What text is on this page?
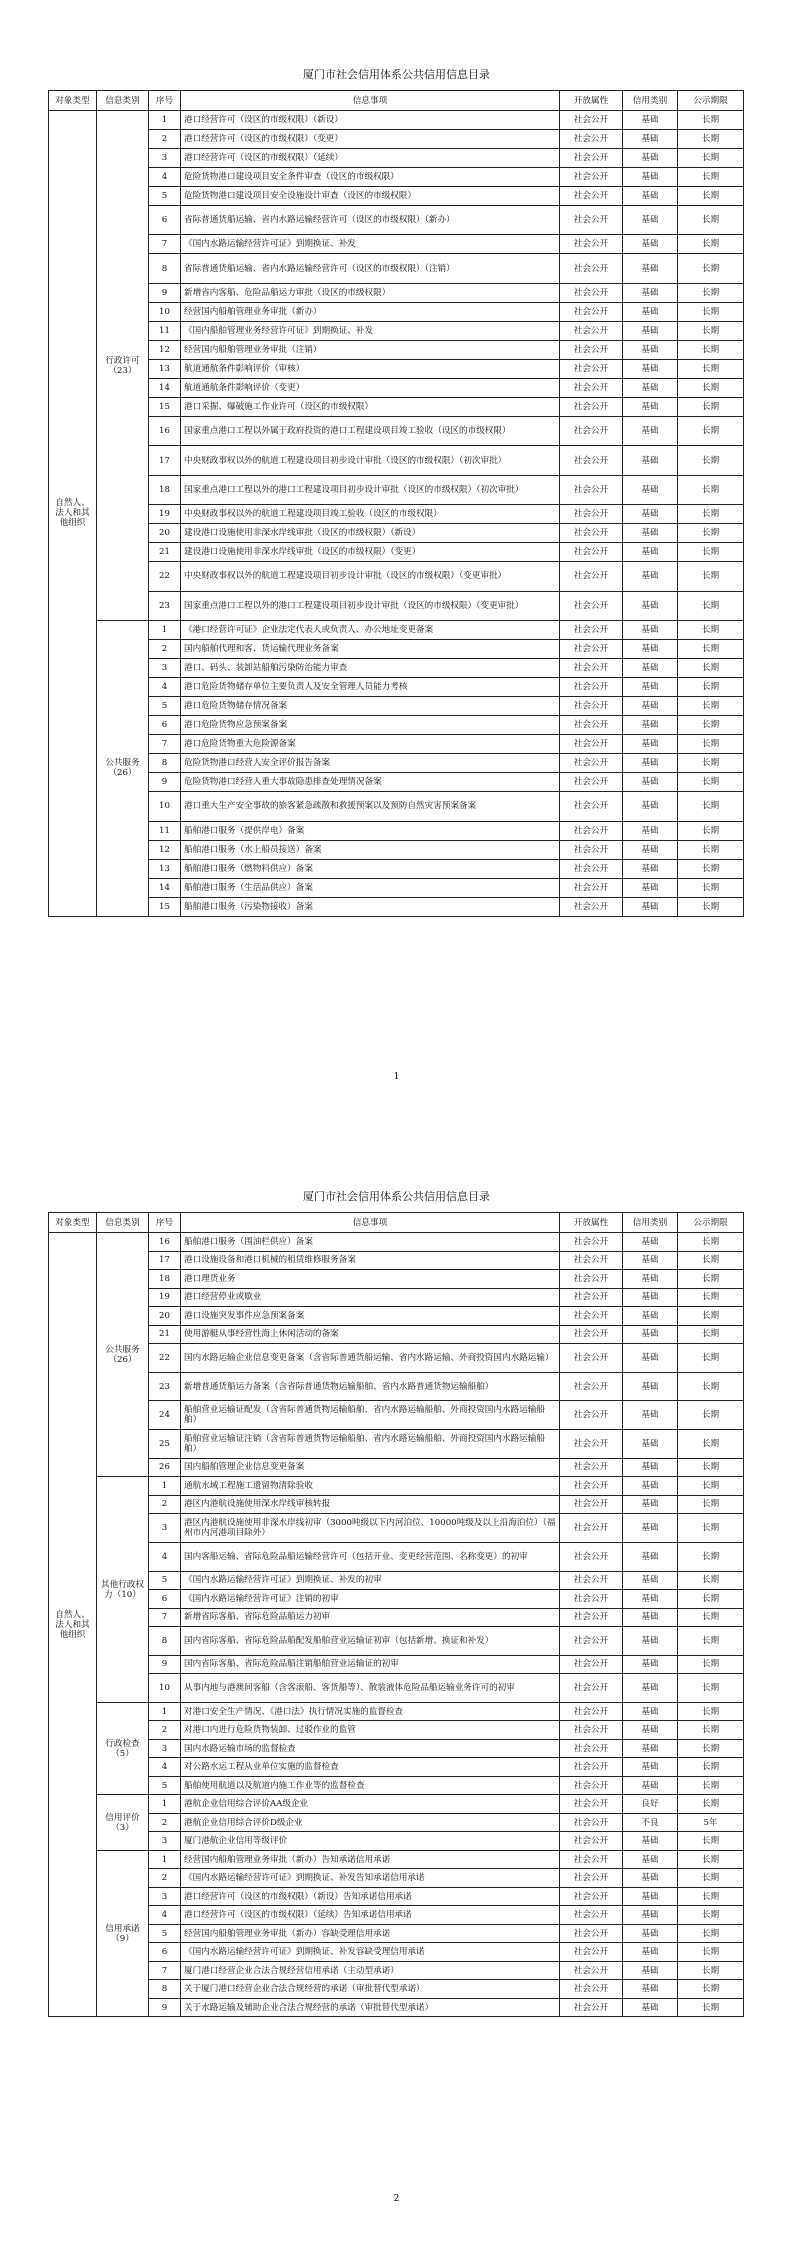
厦门市社会信用体系公共信用信息目录
对象类型	信息类别	序号	信息事项	开放属性	信用类别	公示期限
自然人、法人和其他组织	行政许可（23）	1	港口经营许可（设区的市级权限）（新设）	社会公开	基础	长期
		2	港口经营许可（设区的市级权限）（变更）	社会公开	基础	长期
		3	港口经营许可（设区的市级权限）（延续）	社会公开	基础	长期
		4	危险货物港口建设项目安全条件审查（设区的市级权限）	社会公开	基础	长期
		5	危险货物港口建设项目安全设施设计审查（设区的市级权限）	社会公开	基础	长期
		6	省际普通货船运输、省内水路运输经营许可（设区的市级权限）（新办）	社会公开	基础	长期
		7	《国内水路运输经营许可证》到期换证、补发	社会公开	基础	长期
		8	省际普通货船运输、省内水路运输经营许可（设区的市级权限）（注销）	社会公开	基础	长期
		9	新增省内客船、危险品船运力审批（设区的市级权限）	社会公开	基础	长期
		10	经营国内船舶管理业务审批（新办）	社会公开	基础	长期
		11	《国内船舶管理业务经营许可证》到期换证、补发	社会公开	基础	长期
		12	经营国内船舶管理业务审批（注销）	社会公开	基础	长期
		13	航道通航条件影响评价（审核）	社会公开	基础	长期
		14	航道通航条件影响评价（变更）	社会公开	基础	长期
		15	港口采掘、爆破施工作业许可（设区的市级权限）	社会公开	基础	长期
		16	国家重点港口工程以外属于政府投资的港口工程建设项目竣工验收（设区的市级权限）	社会公开	基础	长期
		17	中央财政事权以外的航道工程建设项目初步设计审批（设区的市级权限）（初次审批）	社会公开	基础	长期
		18	国家重点港口工程以外的港口工程建设项目初步设计审批（设区的市级权限）（初次审批）	社会公开	基础	长期
		19	中央财政事权以外的航道工程建设项目竣工验收（设区的市级权限）	社会公开	基础	长期
		20	建设港口设施使用非深水岸线审批（设区的市级权限）（新设）	社会公开	基础	长期
		21	建设港口设施使用非深水岸线审批（设区的市级权限）（变更）	社会公开	基础	长期
		22	中央财政事权以外的航道工程建设项目初步设计审批（设区的市级权限）（变更审批）	社会公开	基础	长期
		23	国家重点港口工程以外的港口工程建设项目初步设计审批（设区的市级权限）（变更审批）	社会公开	基础	长期
	公共服务（26）	1	《港口经营许可证》企业法定代表人或负责人、办公地址变更备案	社会公开	基础	长期
		2	国内船舶代理和客、货运输代理业务备案	社会公开	基础	长期
		3	港口、码头、装卸站船舶污染防治能力审查	社会公开	基础	长期
		4	港口危险货物储存单位主要负责人及安全管理人员能力考核	社会公开	基础	长期
		5	港口危险货物储存情况备案	社会公开	基础	长期
		6	港口危险货物应急预案备案	社会公开	基础	长期
		7	港口危险货物重大危险源备案	社会公开	基础	长期
		8	危险货物港口经营人安全评价报告备案	社会公开	基础	长期
		9	危险货物港口经营人重大事故隐患排查处理情况备案	社会公开	基础	长期
		10	港口重大生产安全事故的旅客紧急疏散和救援预案以及预防自然灾害预案备案	社会公开	基础	长期
		11	船舶港口服务（提供岸电）备案	社会公开	基础	长期
		12	船舶港口服务（水上船员接送）备案	社会公开	基础	长期
		13	船舶港口服务（燃物料供应）备案	社会公开	基础	长期
		14	船舶港口服务（生活品供应）备案	社会公开	基础	长期
		15	船舶港口服务（污染物接收）备案	社会公开	基础	长期
1
厦门市社会信用体系公共信用信息目录
对象类型	信息类别	序号	信息事项	开放属性	信用类别	公示期限
自然人、法人和其他组织	公共服务（26）	16	船舶港口服务（围油栏供应）备案	社会公开	基础	长期
		17	港口设施设备和港口机械的租赁维修服务备案	社会公开	基础	长期
		18	港口理货业务	社会公开	基础	长期
		19	港口经营停业或歇业	社会公开	基础	长期
		20	港口设施突发事件应急预案备案	社会公开	基础	长期
		21	使用游艇从事经营性海上休闲活动的备案	社会公开	基础	长期
		22	国内水路运输企业信息变更备案（含省际普通货船运输、省内水路运输、外商投资国内水路运输）	社会公开	基础	长期
		23	新增普通货船运力备案（含省际普通货物运输船舶、省内水路普通货物运输船舶）	社会公开	基础	长期
		24	船舶营业运输证配发（含省际普通货物运输船舶、省内水路运输船舶、外商投资国内水路运输船舶）	社会公开	基础	长期
		25	船舶营业运输证注销（含省际普通货物运输船舶、省内水路运输船舶、外商投资国内水路运输船舶）	社会公开	基础	长期
		26	国内船舶管理企业信息变更备案	社会公开	基础	长期
	其他行政权力（10）	1	通航水域工程施工遗留物清除验收	社会公开	基础	长期
		2	港区内港航设施使用深水岸线审核转报	社会公开	基础	长期
		3	港区内港航设施使用非深水岸线初审（3000吨级以下内河泊位、10000吨级及以上沿海泊位）（福州市内河港项目除外）	社会公开	基础	长期
		4	国内客船运输、省际危险品船运输经营许可（包括开业、变更经营范围、名称变更）的初审	社会公开	基础	长期
		5	《国内水路运输经营许可证》到期换证、补发的初审	社会公开	基础	长期
		6	《国内水路运输经营许可证》注销的初审	社会公开	基础	长期
		7	新增省际客船、省际危险品船运力初审	社会公开	基础	长期
		8	国内省际客船、省际危险品船配发船舶营业运输证初审（包括新增、换证和补发）	社会公开	基础	长期
		9	国内省际客船、省际危险品船注销船舶营业运输证的初审	社会公开	基础	长期
		10	从事内地与港澳间客船（含客滚船、客货船等）、散装液体危险品船运输业务许可的初审	社会公开	基础	长期
	行政检查（5）	1	对港口安全生产情况、《港口法》执行情况实施的监督检查	社会公开	基础	长期
		2	对港口内进行危险货物装卸、过驳作业的监管	社会公开	基础	长期
		3	国内水路运输市场的监督检查	社会公开	基础	长期
		4	对公路水运工程从业单位实施的监督检查	社会公开	基础	长期
		5	船舶使用航道以及航道内施工作业等的监督检查	社会公开	基础	长期
	信用评价（3）	1	港航企业信用综合评价AA级企业	社会公开	良好	长期
		2	港航企业信用综合评价D级企业	社会公开	不良	5年
		3	厦门港航企业信用等级评价	社会公开	基础	长期
	信用承诺（9）	1	经营国内船舶管理业务审批（新办）告知承诺信用承诺	社会公开	基础	长期
		2	《国内水路运输经营许可证》到期换证、补发告知承诺信用承诺	社会公开	基础	长期
		3	港口经营许可（设区的市级权限）（新设）告知承诺信用承诺	社会公开	基础	长期
		4	港口经营许可（设区的市级权限）（延续）告知承诺信用承诺	社会公开	基础	长期
		5	经营国内船舶管理业务审批（新办）容缺受理信用承诺	社会公开	基础	长期
		6	《国内水路运输经营许可证》到期换证、补发容缺受理信用承诺	社会公开	基础	长期
		7	厦门港口经营企业合法合规经营信用承诺（主动型承诺）	社会公开	基础	长期
		8	关于厦门港口经营企业合法合规经营的承诺（审批替代型承诺）	社会公开	基础	长期
		9	关于水路运输及辅助企业合法合规经营的承诺（审批替代型承诺）	社会公开	基础	长期
2
